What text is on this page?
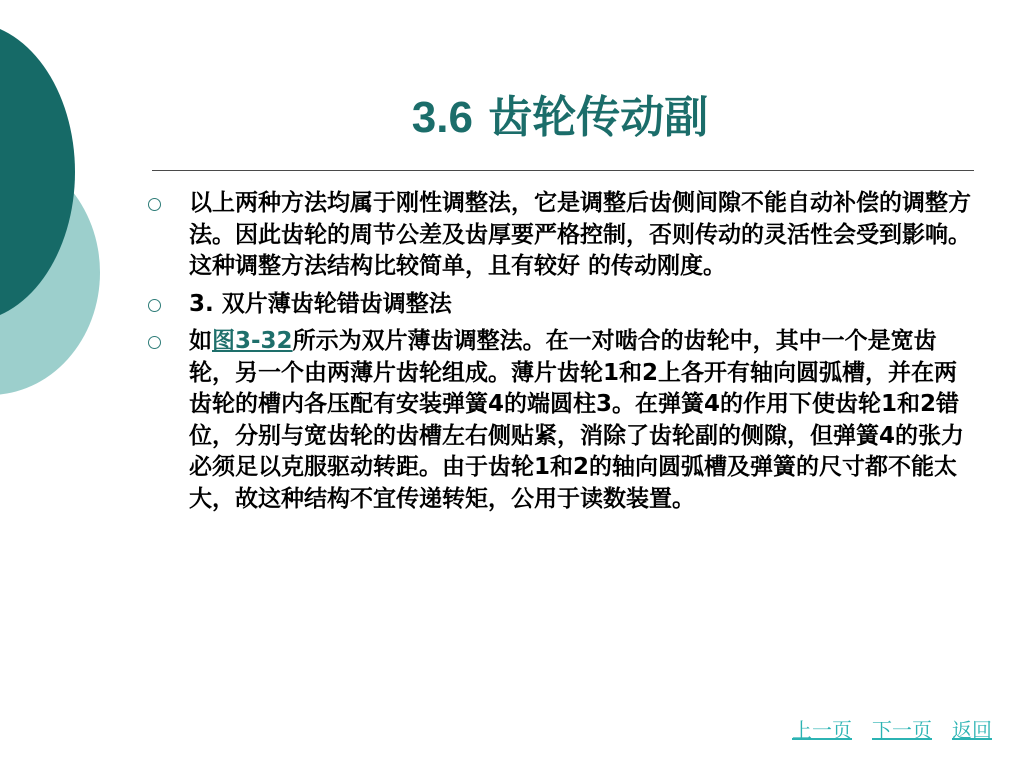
3.6 齿轮传动副
以上两种方法均属于刚性调整法，它是调整后齿侧间隙不能自动补偿的调整方法。因此齿轮的周节公差及齿厚要严格控制，否则传动的灵活性会受到影响。这种调整方法结构比较简单，且有较好 的传动刚度。
3. 双片薄齿轮错齿调整法
如图3-32所示为双片薄齿调整法。在一对啮合的齿轮中，其中一个是宽齿轮，另一个由两薄片齿轮组成。薄片齿轮1和2上各开有轴向圆弧槽，并在两齿轮的槽内各压配有安装弹簧4的端圆柱3。在弹簧4的作用下使齿轮1和2错位，分别与宽齿轮的齿槽左右侧贴紧，消除了齿轮副的侧隙，但弹簧4的张力必须足以克服驱动转距。由于齿轮1和2的轴向圆弧槽及弹簧的尺寸都不能太大，故这种结构不宜传递转矩，公用于读数装置。
上一页 下一页 返回
